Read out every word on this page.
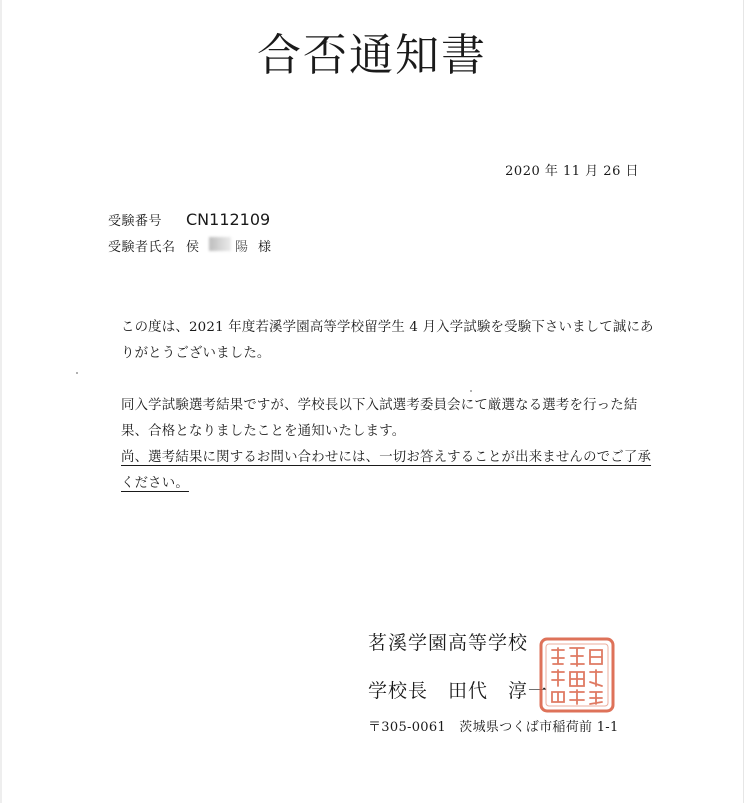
合否通知書
2020 年 11 月 26 日
受験番号	CN112109
受験者氏名 侯	陽 様
この度は、2021 年度若溪学園高等学校留学生 4 月入学試験を受験下さいまして誠にありがとうございました。
同入学試験選考結果ですが、学校長以下入試選考委員会にて厳選なる選考を行った結果、合格となりましたことを通知いたします。
尚、選考結果に関するお問い合わせには、一切お答えすることが出来ませんのでご了承ください。
茗溪学園高等学校
学校長　 田代　淳一
〒305-0061　茨城県つくば市稲荷前 1-1
